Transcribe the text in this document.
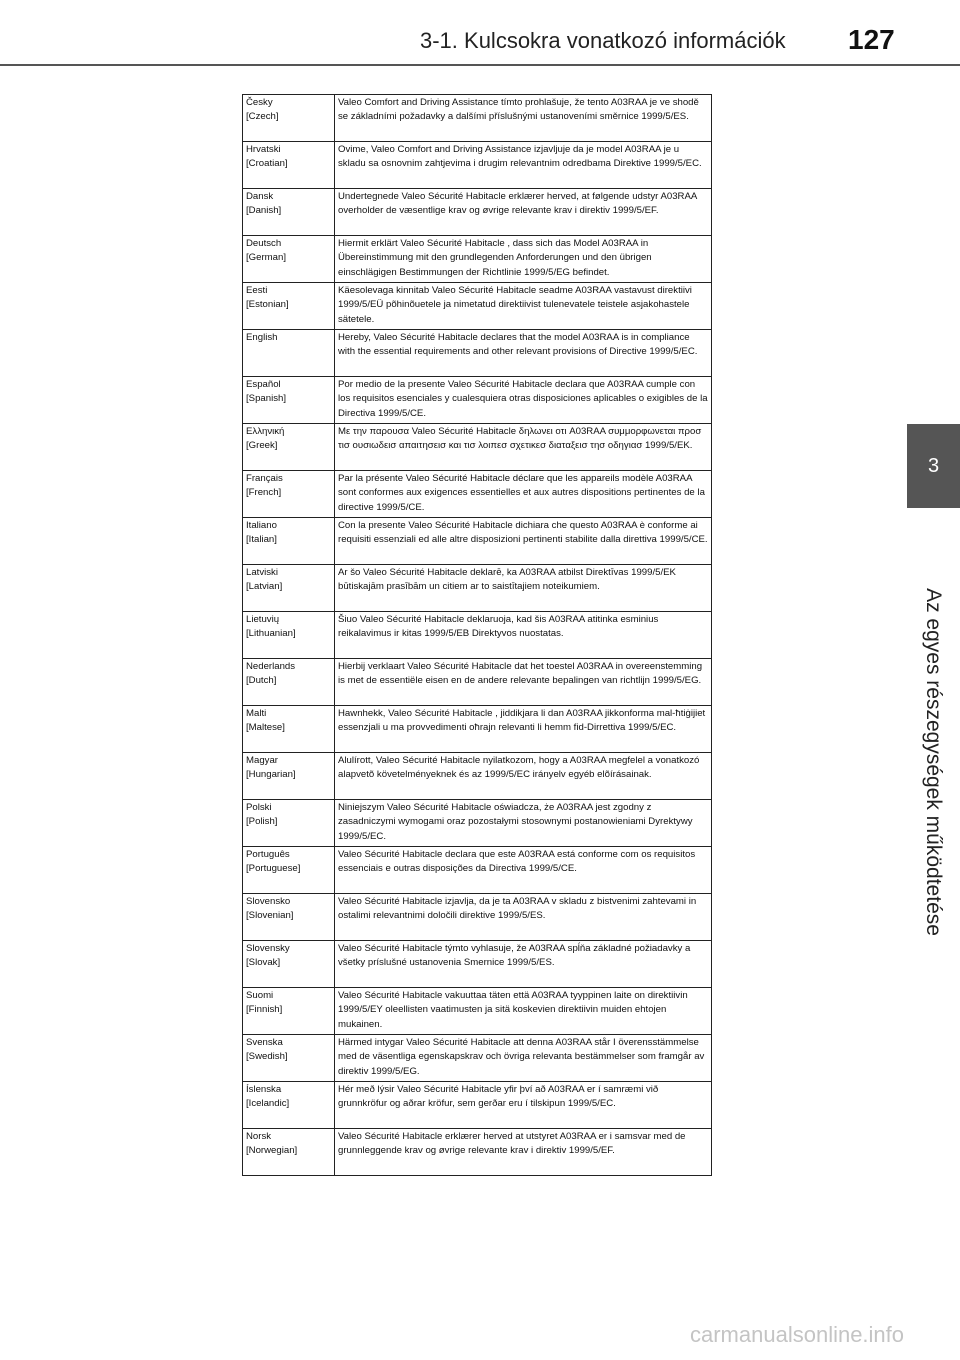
3-1. Kulcsokra vonatkozó információk 127
3
Az egyes részegységek működtetése
Česky
[Czech]	Valeo Comfort and Driving Assistance tímto prohlašuje, že tento A03RAA je ve shodě se základními požadavky a dalšími příslušnými ustanoveními směrnice 1999/5/ES.

Hrvatski
[Croatian]	Ovime, Valeo Comfort and Driving Assistance izjavljuje da je model A03RAA je u skladu sa osnovnim zahtjevima i drugim relevantnim odredbama Direktive 1999/5/EC.

Dansk
[Danish]	Undertegnede Valeo Sécurité Habitacle erklærer herved, at følgende udstyr A03RAA overholder de væsentlige krav og øvrige relevante krav i direktiv 1999/5/EF.

Deutsch
[German]	Hiermit erklärt Valeo Sécurité Habitacle , dass sich das Model A03RAA in Übereinstimmung mit den grundlegenden Anforderungen und den übrigen einschlägigen Bestimmungen der Richtlinie 1999/5/EG befindet.

Eesti
[Estonian]	Käesolevaga kinnitab Valeo Sécurité Habitacle seadme A03RAA vastavust direktiivi 1999/5/EÜ põhinõuetele ja nimetatud direktiivist tulenevatele teistele asjakohastele sätetele.

English	Hereby, Valeo Sécurité Habitacle declares that the model A03RAA is in compliance with the essential requirements and other relevant provisions of Directive 1999/5/EC.

Español
[Spanish]	Por medio de la presente Valeo Sécurité Habitacle declara que A03RAA cumple con los requisitos esenciales y cualesquiera otras disposiciones aplicables o exigibles de la Directiva 1999/5/CE.

Ελληνική
[Greek]	Με την παρουσα Valeo Sécurité Habitacle δηλωνει οτι A03RAA συμμορφωνεται προσ τισ ουσιωδεισ απαιτησεισ και τισ λοιπεσ σχετικεσ διαταξεισ τησ οδηγιασ 1999/5/ΕΚ.

Français
[French]	Par la présente Valeo Sécurité Habitacle déclare que les appareils modèle A03RAA sont conformes aux exigences essentielles et aux autres dispositions pertinentes de la directive 1999/5/CE.

Italiano
[Italian]	Con la presente Valeo Sécurité Habitacle dichiara che questo A03RAA è conforme ai requisiti essenziali ed alle altre disposizioni pertinenti stabilite dalla direttiva 1999/5/CE.

Latviski
[Latvian]	Ar šo Valeo Sécurité Habitacle deklarē, ka A03RAA atbilst Direktīvas 1999/5/EK būtiskajām prasībām un citiem ar to saistītajiem noteikumiem.

Lietuvių
[Lithuanian]	Šiuo Valeo Sécurité Habitacle deklaruoja, kad šis A03RAA atitinka esminius reikalavimus ir kitas 1999/5/EB Direktyvos nuostatas.

Nederlands
[Dutch]	Hierbij verklaart Valeo Sécurité Habitacle dat het toestel A03RAA in overeenstemming is met de essentiële eisen en de andere relevante bepalingen van richtlijn 1999/5/EG.

Malti
[Maltese]	Hawnhekk, Valeo Sécurité Habitacle , jiddikjara li dan A03RAA jikkonforma mal-ħtiġijiet essenzjali u ma provvedimenti oħrajn relevanti li hemm fid-Dirrettiva 1999/5/EC.

Magyar
[Hungarian]	Alulírott, Valeo Sécurité Habitacle nyilatkozom, hogy a A03RAA megfelel a vonatkozó alapvetõ követelményeknek és az 1999/5/EC irányelv egyéb elõírásainak.

Polski
[Polish]	Niniejszym Valeo Sécurité Habitacle oświadcza, że A03RAA jest zgodny z zasadniczymi wymogami oraz pozostałymi stosownymi postanowieniami Dyrektywy 1999/5/EC.

Português
[Portuguese]	Valeo Sécurité Habitacle declara que este A03RAA está conforme com os requisitos essenciais e outras disposições da Directiva 1999/5/CE.

Slovensko
[Slovenian]	Valeo Sécurité Habitacle izjavlja, da je ta A03RAA v skladu z bistvenimi zahtevami in ostalimi relevantnimi določili direktive 1999/5/ES.

Slovensky
[Slovak]	Valeo Sécurité Habitacle týmto vyhlasuje, že A03RAA spĺňa základné požiadavky a všetky príslušné ustanovenia Smernice 1999/5/ES.

Suomi
[Finnish]	Valeo Sécurité Habitacle vakuuttaa täten että A03RAA tyyppinen laite on direktiivin 1999/5/EY oleellisten vaatimusten ja sitä koskevien direktiivin muiden ehtojen mukainen.

Svenska
[Swedish]	Härmed intygar Valeo Sécurité Habitacle att denna A03RAA står I överensstämmelse med de väsentliga egenskapskrav och övriga relevanta bestämmelser som framgår av direktiv 1999/5/EG.

Íslenska
[Icelandic]	Hér með lýsir Valeo Sécurité Habitacle yfir því að A03RAA er í samræmi við grunnkröfur og aðrar kröfur, sem gerðar eru í tilskipun 1999/5/EC.

Norsk
[Norwegian]	Valeo Sécurité Habitacle erklærer herved at utstyret A03RAA er i samsvar med de grunnleggende krav og øvrige relevante krav i direktiv 1999/5/EF.
carmanualsonline.info
